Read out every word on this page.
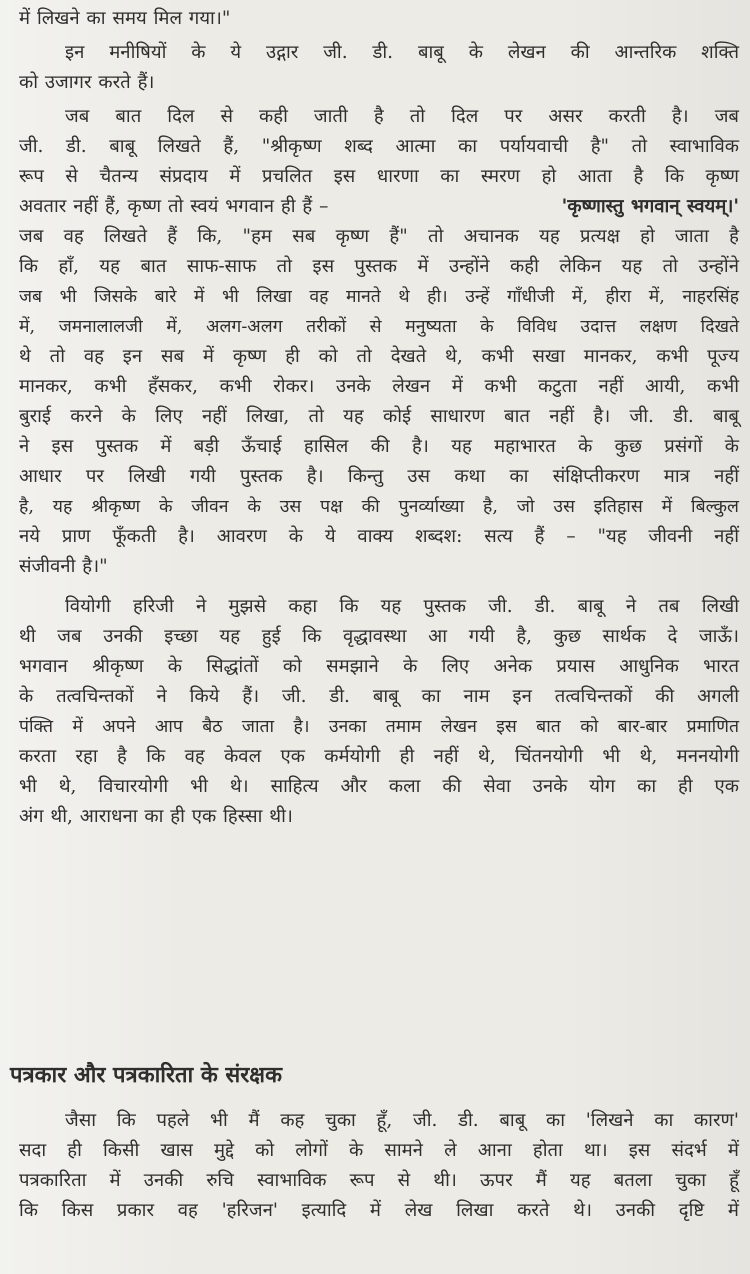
में लिखने का समय मिल गया।"

इन मनीषियों के ये उद्गार जी. डी. बाबू के लेखन की आन्तरिक शक्ति
को उजागर करते हैं।

जब बात दिल से कही जाती है तो दिल पर असर करती है। जब
जी. डी. बाबू लिखते हैं, "श्रीकृष्ण शब्द आत्मा का पर्यायवाची है" तो स्वाभाविक
रूप से चैतन्य संप्रदाय में प्रचलित इस धारणा का स्मरण हो आता है कि कृष्ण
अवतार नहीं हैं, कृष्ण तो स्वयं भगवान ही हैं –	'कृष्णास्तु भगवान् स्वयम्।'
जब वह लिखते हैं कि, "हम सब कृष्ण हैं" तो अचानक यह प्रत्यक्ष हो जाता है
कि हाँ, यह बात साफ-साफ तो इस पुस्तक में उन्होंने कही लेकिन यह तो उन्होंने
जब भी जिसके बारे में भी लिखा वह मानते थे ही। उन्हें गाँधीजी में, हीरा में, नाहरसिंह
में, जमनालालजी में, अलग-अलग तरीकों से मनुष्यता के विविध उदात्त लक्षण दिखते
थे तो वह इन सब में कृष्ण ही को तो देखते थे, कभी सखा मानकर, कभी पूज्य
मानकर, कभी हँसकर, कभी रोकर। उनके लेखन में कभी कटुता नहीं आयी, कभी
बुराई करने के लिए नहीं लिखा, तो यह कोई साधारण बात नहीं है। जी. डी. बाबू
ने इस पुस्तक में बड़ी ऊँचाई हासिल की है। यह महाभारत के कुछ प्रसंगों के
आधार पर लिखी गयी पुस्तक है। किन्तु उस कथा का संक्षिप्तीकरण मात्र नहीं
है, यह श्रीकृष्ण के जीवन के उस पक्ष की पुनर्व्याख्या है, जो उस इतिहास में बिल्कुल
नये प्राण फूँकती है। आवरण के ये वाक्य शब्दश: सत्य हैं – "यह जीवनी नहीं
संजीवनी है।"

वियोगी हरिजी ने मुझसे कहा कि यह पुस्तक जी. डी. बाबू ने तब लिखी
थी जब उनकी इच्छा यह हुई कि वृद्धावस्था आ गयी है, कुछ सार्थक दे जाऊँ।
भगवान श्रीकृष्ण के सिद्धांतों को समझाने के लिए अनेक प्रयास आधुनिक भारत
के तत्वचिन्तकों ने किये हैं। जी. डी. बाबू का नाम इन तत्वचिन्तकों की अगली
पंक्ति में अपने आप बैठ जाता है। उनका तमाम लेखन इस बात को बार-बार प्रमाणित
करता रहा है कि वह केवल एक कर्मयोगी ही नहीं थे, चिंतनयोगी भी थे, मननयोगी
भी थे, विचारयोगी भी थे। साहित्य और कला की सेवा उनके योग का ही एक
अंग थी, आराधना का ही एक हिस्सा थी।

पत्रकार और पत्रकारिता के संरक्षक

जैसा कि पहले भी मैं कह चुका हूँ, जी. डी. बाबू का 'लिखने का कारण'
सदा ही किसी खास मुद्दे को लोगों के सामने ले आना होता था। इस संदर्भ में
पत्रकारिता में उनकी रुचि स्वाभाविक रूप से थी। ऊपर मैं यह बतला चुका हूँ
कि किस प्रकार वह 'हरिजन' इत्यादि में लेख लिखा करते थे। उनकी दृष्टि में
